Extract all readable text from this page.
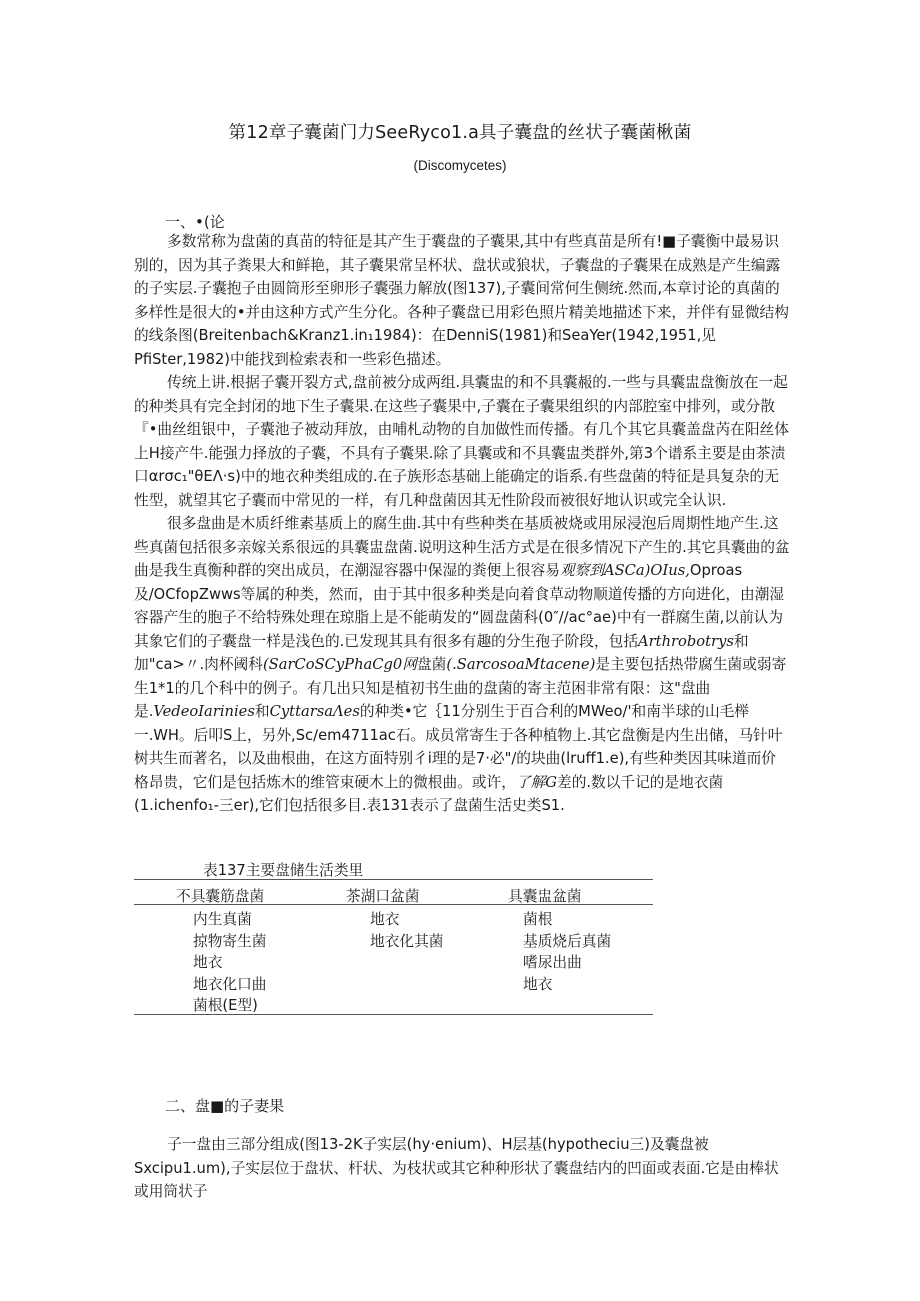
第12章子囊菌门力SeeRyco1.a具子囊盘的丝状子囊菌楸菌
(Discomycetes)
一、•(论

多数常称为盘菌的真苗的特征是其产生于囊盘的子囊果,其中有些真苗是所有!■子囊衡中最易识别的，因为其子粪果大和鲜艳，其子囊果常呈杯状、盘状或狼状，子囊盘的子囊果在成熟是产生编露的子实层.子囊抱子由圆筒形至卵形子囊强力解放(图137),子囊间常何生侧统.然而,本章讨论的真菌的多样性是很大的•并由这种方式产生分化。各种子囊盘已用彩色照片精美地描述下来，并伴有显微结构的线条图(Breitenbach&Kranz1.in₁1984)：在DenniS(1981)和SeaYer(1942,1951,见PfiSter,1982)中能找到检索表和一些彩色描述。

传统上讲.根据子囊开裂方式,盘前被分成两组.具囊盅的和不具囊赧的.一些与具囊盅盘衡放在一起的种类具有完全封闭的地下生子囊果.在这些子囊果中,子囊在子囊果组织的内部腔室中排列，或分散『•曲丝组银中，子囊池子被动拜放，由哺札动物的自加做性而传播。有几个其它具囊盖盘芮在阳丝体上H接产牛.能强力择放的子囊，不具有子囊果.除了具囊或和不具囊盅类群外,第3个谱系主要是由茶渍口αrσc₁"θEΛ·s)中的地衣种类组成的.在子族形态基础上能确定的诣系.有些盘菌的特征是具复杂的无性型，就望其它子囊而中常见的一样，有几种盘菌因其无性阶段而被很好地认识或完全认识.

很多盘曲是木质纤维素基质上的腐生曲.其中有些种类在基质被烧或用尿浸泡后周期性地产生.这些真菌包括很多亲嫁关系很远的具囊盅盘菌.说明这种生活方式是在很多情况下产生的.其它具囊曲的盆曲是我生真衡种群的突出成员，在潮湿容器中保湿的粪便上很容易观察到ASCa)OIus,Oproas及/OCfopZwws等属的种类，然而，由于其中很多种类是向着食草动物顺道传播的方向进化，由潮湿容器产生的胞子不给特殊处理在琼脂上是不能萌发的“圆盘菌科(0″/∕ac°ae)中有一群腐生菌,以前认为其象它们的子囊盘一样是浅色的.已发现其具有很多有趣的分生孢子阶段，包括Arthrobotrys和加"ca>〃.肉杯阈科(SarCoSCyPhaCg0网盘菌(.SarcosoaMtacene)是主要包括热带腐生菌或弱寄生1*1的几个科中的例子。有几出只知是植初书生曲的盘菌的寄主范困非常有限：这"盘曲是.VedeoIarinies和CyttarsaΛes的种类•它｛11分别生于百合利的MWeo∕'和南半球的山毛榉一.WH。后叩S上，另外,Sc∕em4711ac石。成员常寄生于各种植物上.其它盘衡是内生出储，马针叶树共生而著名，以及曲根曲，在这方面特别彳i理的是7·必"/的块曲(lruff1.e),有些种类因其味道而价格昂贵，它们是包括炼木的维管束硬木上的微根曲。或许，了解G差的.数以千记的是地衣菌(1.ichenfo₁-三er),它们包括很多目.表131表示了盘菌生活史类S1.

表137主要盘储生活类里
不具囊筋盘菌	茶湖口盆菌	具囊盅盆菌
内生真菌
掠物寄生菌
地衣
地衣化口曲
菌根(E型)
地衣
地衣化其菌
菌根
基质烧后真菌
嗜尿出曲
地衣
二、盘■的子妻果

子一盘由三部分组成(图13-2K子实层(hy·enium)、H层基(hypotheciu三)及囊盘被Sxcipu1.um),子实层位于盘状、杆状、为枝状或其它种种形状了囊盘结内的凹面或表面.它是由棒状或用筒状子
